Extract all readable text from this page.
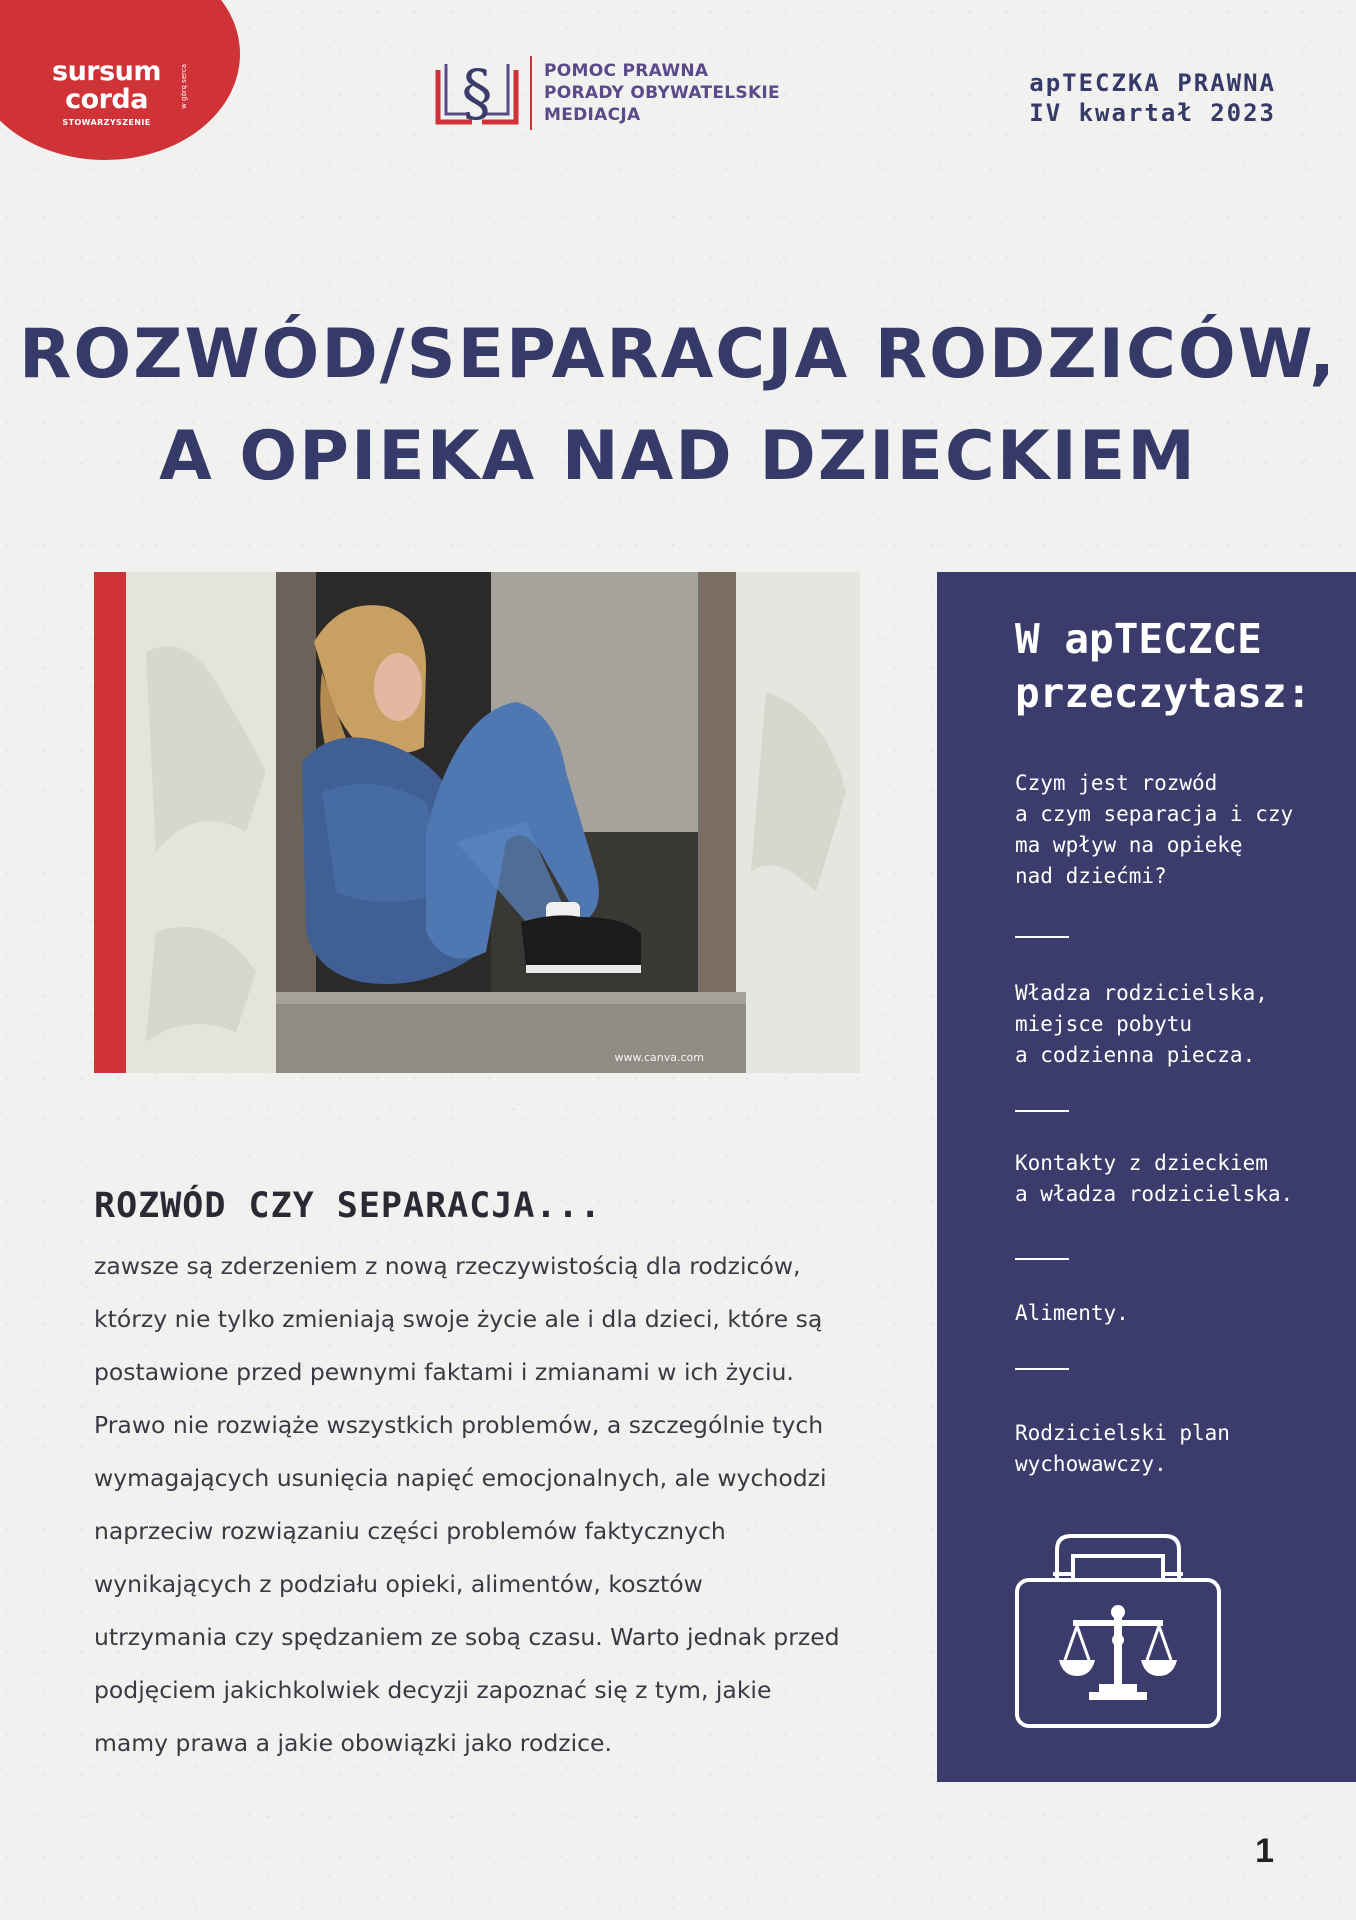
sursum
corda
STOWARZYSZENIE
w górę serca	§	POMOC PRAWNA
PORADY OBYWATELSKIE
MEDIACJA
apTECZKA PRAWNA
IV kwartał 2023
ROZWÓD/SEPARACJA RODZICÓW,
A OPIEKA NAD DZIECKIEM
www.canva.com
ROZWÓD CZY SEPARACJA...
zawsze są zderzeniem z nową rzeczywistością dla rodziców,
którzy nie tylko zmieniają swoje życie ale i dla dzieci, które są
postawione przed pewnymi faktami i zmianami w ich życiu.
Prawo nie rozwiąże wszystkich problemów, a szczególnie tych
wymagających usunięcia napięć emocjonalnych, ale wychodzi
naprzeciw rozwiązaniu części problemów faktycznych
wynikających z podziału opieki, alimentów, kosztów
utrzymania czy spędzaniem ze sobą czasu. Warto jednak przed
podjęciem jakichkolwiek decyzji zapoznać się z tym, jakie
mamy prawa a jakie obowiązki jako rodzice.
W apTECZCE
przeczytasz:
Czym jest rozwód
a czym separacja i czy
ma wpływ na opiekę
nad dziećmi?
Władza rodzicielska,
miejsce pobytu
a codzienna piecza.
Kontakty z dzieckiem
a władza rodzicielska.
Alimenty.
Rodzicielski plan
wychowawczy.
1
